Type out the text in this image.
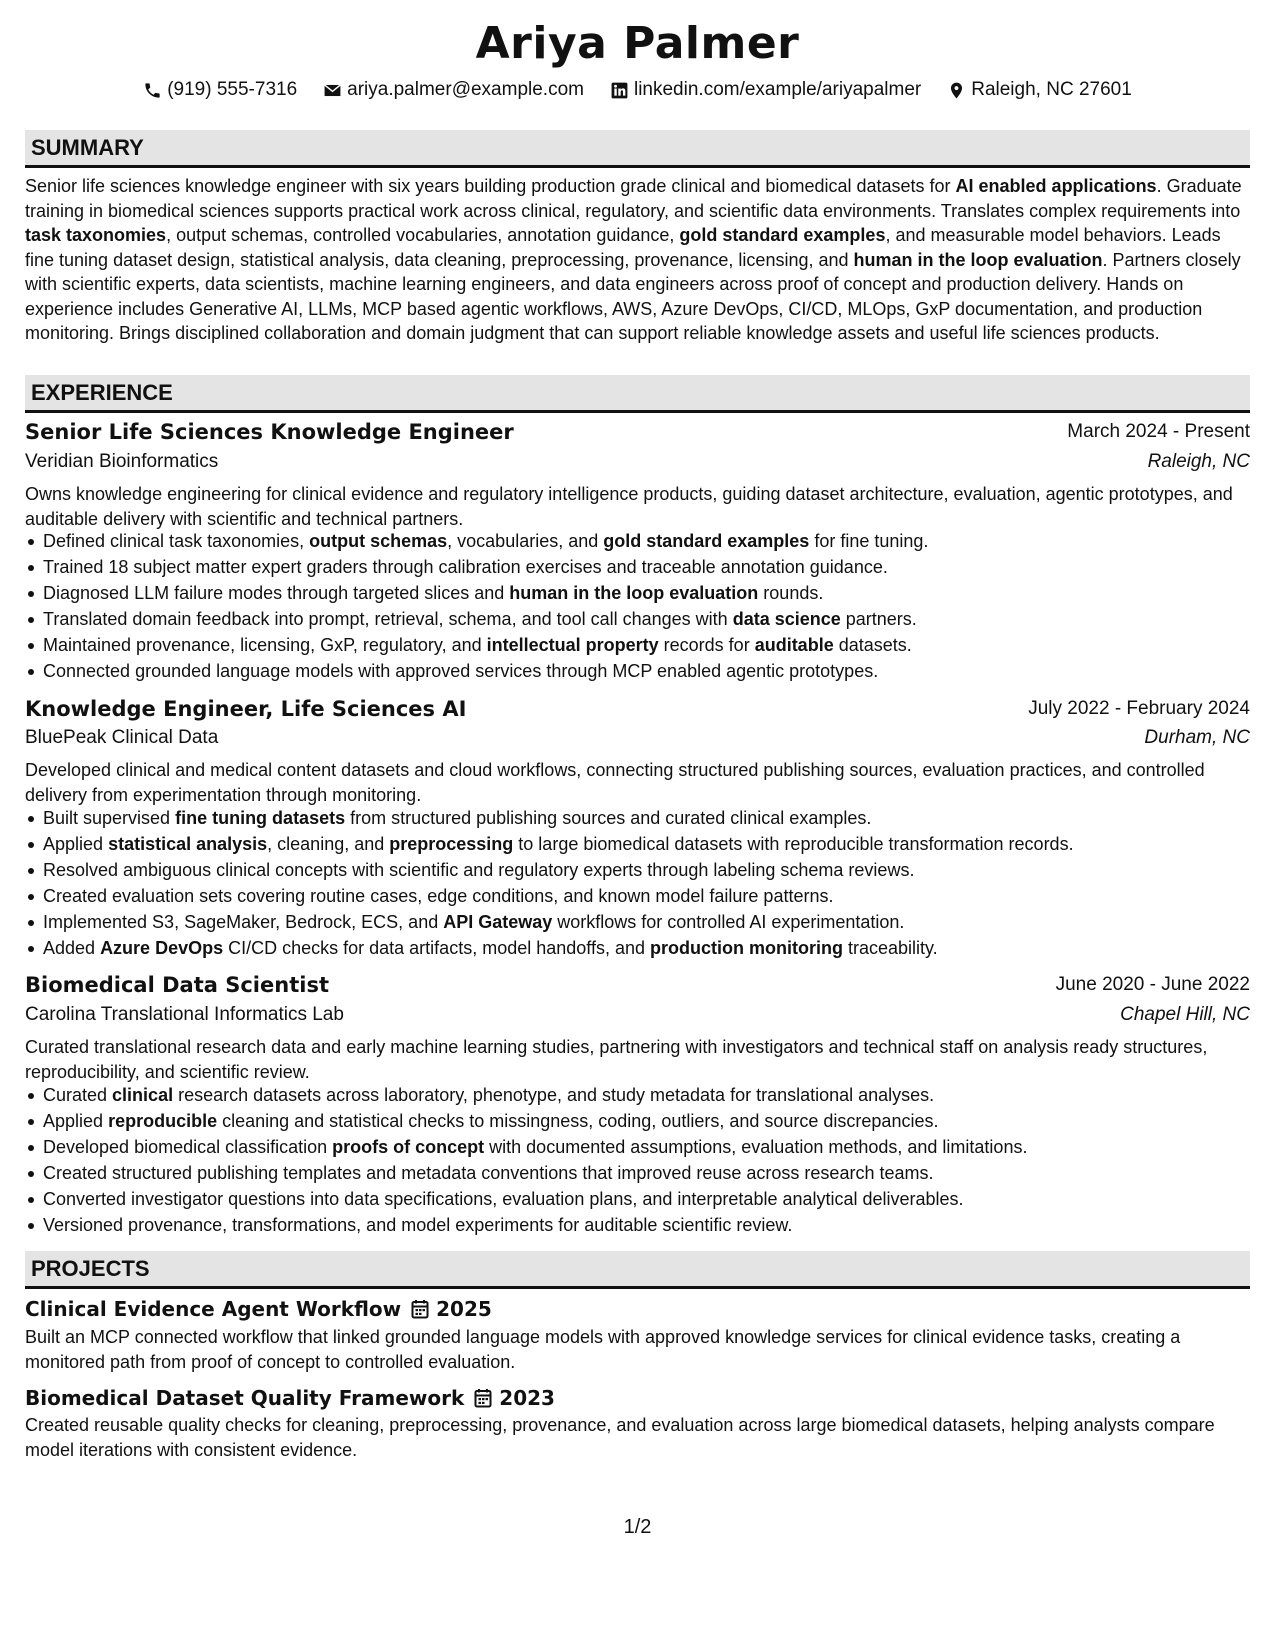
Ariya Palmer
(919) 555-7316	ariya.palmer@example.com	linkedin.com/example/ariyapalmer	Raleigh, NC 27601
SUMMARY
Senior life sciences knowledge engineer with six years building production grade clinical and biomedical datasets for AI enabled applications. Graduate training in biomedical sciences supports practical work across clinical, regulatory, and scientific data environments. Translates complex requirements into task taxonomies, output schemas, controlled vocabularies, annotation guidance, gold standard examples, and measurable model behaviors. Leads fine tuning dataset design, statistical analysis, data cleaning, preprocessing, provenance, licensing, and human in the loop evaluation. Partners closely with scientific experts, data scientists, machine learning engineers, and data engineers across proof of concept and production delivery. Hands on experience includes Generative AI, LLMs, MCP based agentic workflows, AWS, Azure DevOps, CI/CD, MLOps, GxP documentation, and production monitoring. Brings disciplined collaboration and domain judgment that can support reliable knowledge assets and useful life sciences products.
EXPERIENCE
Senior Life Sciences Knowledge Engineer	March 2024 - Present
Veridian Bioinformatics	Raleigh, NC
Owns knowledge engineering for clinical evidence and regulatory intelligence products, guiding dataset architecture, evaluation, agentic prototypes, and auditable delivery with scientific and technical partners.
Defined clinical task taxonomies, output schemas, vocabularies, and gold standard examples for fine tuning.
Trained 18 subject matter expert graders through calibration exercises and traceable annotation guidance.
Diagnosed LLM failure modes through targeted slices and human in the loop evaluation rounds.
Translated domain feedback into prompt, retrieval, schema, and tool call changes with data science partners.
Maintained provenance, licensing, GxP, regulatory, and intellectual property records for auditable datasets.
Connected grounded language models with approved services through MCP enabled agentic prototypes.
Knowledge Engineer, Life Sciences AI	July 2022 - February 2024
BluePeak Clinical Data	Durham, NC
Developed clinical and medical content datasets and cloud workflows, connecting structured publishing sources, evaluation practices, and controlled delivery from experimentation through monitoring.
Built supervised fine tuning datasets from structured publishing sources and curated clinical examples.
Applied statistical analysis, cleaning, and preprocessing to large biomedical datasets with reproducible transformation records.
Resolved ambiguous clinical concepts with scientific and regulatory experts through labeling schema reviews.
Created evaluation sets covering routine cases, edge conditions, and known model failure patterns.
Implemented S3, SageMaker, Bedrock, ECS, and API Gateway workflows for controlled AI experimentation.
Added Azure DevOps CI/CD checks for data artifacts, model handoffs, and production monitoring traceability.
Biomedical Data Scientist	June 2020 - June 2022
Carolina Translational Informatics Lab	Chapel Hill, NC
Curated translational research data and early machine learning studies, partnering with investigators and technical staff on analysis ready structures, reproducibility, and scientific review.
Curated clinical research datasets across laboratory, phenotype, and study metadata for translational analyses.
Applied reproducible cleaning and statistical checks to missingness, coding, outliers, and source discrepancies.
Developed biomedical classification proofs of concept with documented assumptions, evaluation methods, and limitations.
Created structured publishing templates and metadata conventions that improved reuse across research teams.
Converted investigator questions into data specifications, evaluation plans, and interpretable analytical deliverables.
Versioned provenance, transformations, and model experiments for auditable scientific review.
PROJECTS
Clinical Evidence Agent Workflow 2025
Built an MCP connected workflow that linked grounded language models with approved knowledge services for clinical evidence tasks, creating a monitored path from proof of concept to controlled evaluation.
Biomedical Dataset Quality Framework 2023
Created reusable quality checks for cleaning, preprocessing, provenance, and evaluation across large biomedical datasets, helping analysts compare model iterations with consistent evidence.
1/2
